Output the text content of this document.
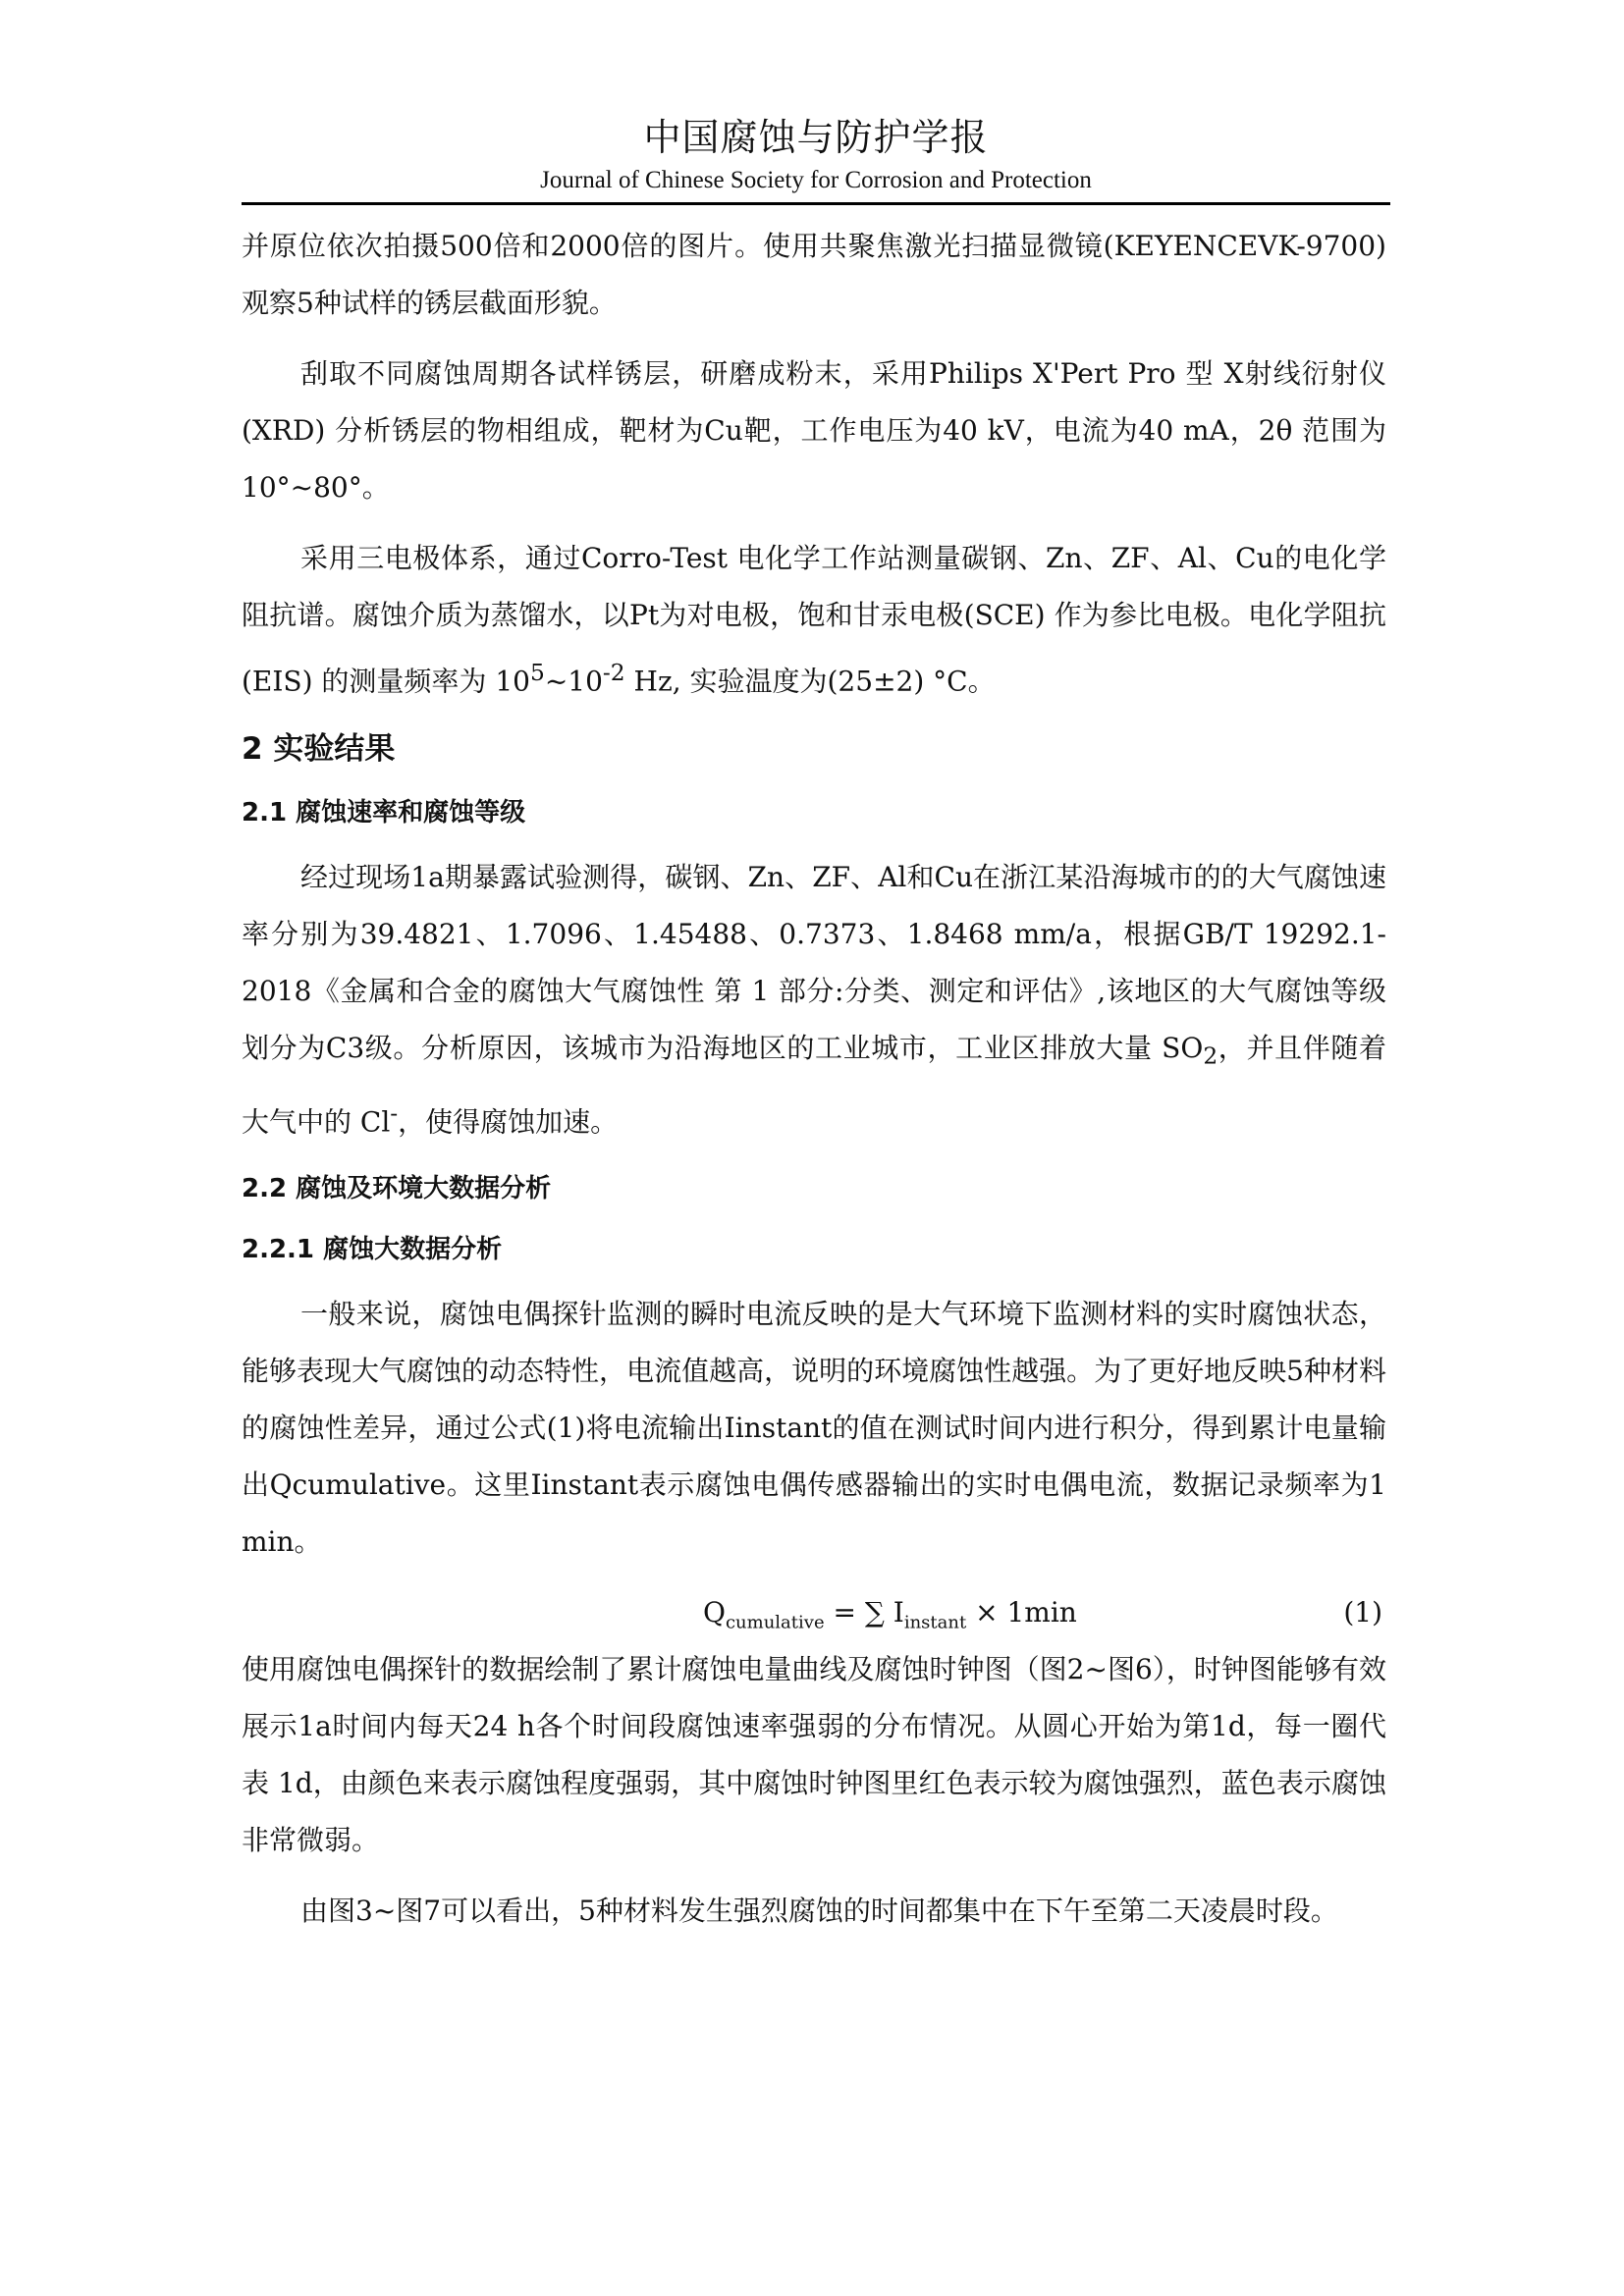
中国腐蚀与防护学报
Journal of Chinese Society for Corrosion and Protection

并原位依次拍摄500倍和2000倍的图片。使用共聚焦激光扫描显微镜(KEYENCEVK-9700)观察5种试样的锈层截面形貌。

刮取不同腐蚀周期各试样锈层，研磨成粉末，采用Philips X'Pert Pro 型 X射线衍射仪(XRD) 分析锈层的物相组成，靶材为Cu靶，工作电压为40 kV，电流为40 mA，2θ 范围为10°~80°。

采用三电极体系，通过Corro-Test 电化学工作站测量碳钢、Zn、ZF、Al、Cu的电化学阻抗谱。腐蚀介质为蒸馏水，以Pt为对电极，饱和甘汞电极(SCE) 作为参比电极。电化学阻抗(EIS) 的测量频率为 $10^5\sim 10^{-2}$ Hz, 实验温度为(25±2) °C。

2 实验结果
2.1 腐蚀速率和腐蚀等级

经过现场1a期暴露试验测得，碳钢、Zn、ZF、Al和Cu在浙江某沿海城市的的大气腐蚀速率分别为39.4821、1.7096、1.45488、0.7373、1.8468 mm/a，根据GB/T 19292.1-2018《金属和合金的腐蚀大气腐蚀性 第 1 部分:分类、测定和评估》,该地区的大气腐蚀等级划分为C3级。分析原因，该城市为沿海地区的工业城市，工业区排放大量 $SO_2$，并且伴随着大气中的 Cl-，使得腐蚀加速。

2.2 腐蚀及环境大数据分析
2.2.1 腐蚀大数据分析

一般来说，腐蚀电偶探针监测的瞬时电流反映的是大气环境下监测材料的实时腐蚀状态，能够表现大气腐蚀的动态特性，电流值越高，说明的环境腐蚀性越强。为了更好地反映5种材料的腐蚀性差异，通过公式(1)将电流输出Iinstant的值在测试时间内进行积分，得到累计电量输出Qcumulative。这里Iinstant表示腐蚀电偶传感器输出的实时电偶电流，数据记录频率为1 min。

$Q_{cumulative}$ = ∑ $I_{instant} \times 1\min$	(1)

使用腐蚀电偶探针的数据绘制了累计腐蚀电量曲线及腐蚀时钟图（图2~图6），时钟图能够有效展示1a时间内每天24 h各个时间段腐蚀速率强弱的分布情况。从圆心开始为第1d，每一圈代表 1d，由颜色来表示腐蚀程度强弱，其中腐蚀时钟图里红色表示较为腐蚀强烈，蓝色表示腐蚀非常微弱。

由图3~图7可以看出，5种材料发生强烈腐蚀的时间都集中在下午至第二天凌晨时段。
